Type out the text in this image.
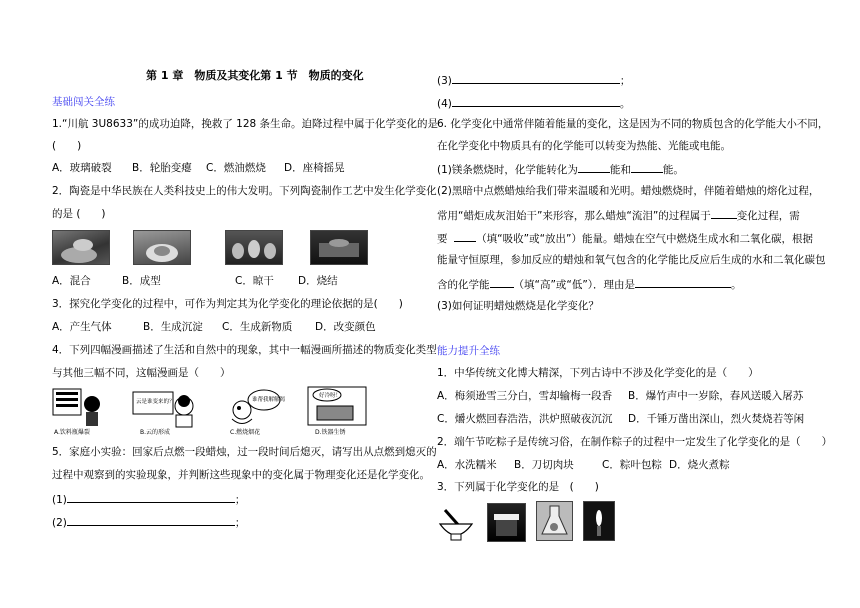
第 1 章　物质及其变化第 1 节　物质的变化
基础闯关全练
1.“川航 3U8633”的成功迫降，挽救了 128 条生命。迫降过程中属于化学变化的是
(　　)
A．玻璃破裂 B．轮胎变瘪 C．燃油燃烧 D．座椅摇晃
2．陶瓷是中华民族在人类科技史上的伟大发明。下列陶瓷制作工艺中发生化学变化
的是 (　　)
A．混合	B．成型	C．晾干 D．烧结
3．探究化学变化的过程中，可作为判定其为化学变化的理论依据的是(　　)
A．产生气体	B．生成沉淀 C．生成新物质 D．改变颜色
4．下列四幅漫画描述了生活和自然中的现象，其中一幅漫画所描述的物质变化类型
与其他三幅不同，这幅漫画是（　　）
A.饮料瓶爆裂
云是谁变来的？
B.云的形成
谁帮我解解渴
C.燃烧烟花
好冷呀！
D.铁器生锈
5．家庭小实验：回家后点燃一段蜡烛，过一段时间后熄灭，请写出从点燃到熄灭的
过程中观察到的实验现象，并判断这些现象中的变化属于物理变化还是化学变化。
(1)	；
(2)	；
(3)	；
(4)	。
6. 化学变化中通常伴随着能量的变化，这是因为不同的物质包含的化学能大小不同，
在化学变化中物质具有的化学能可以转变为热能、光能或电能。
(1)镁条燃烧时，化学能转化为	能和	能。
(2)黑暗中点燃蜡烛给我们带来温暖和光明。蜡烛燃烧时，伴随着蜡烛的熔化过程，
常用“蜡炬成灰泪始干”来形容，那么蜡烛“流泪”的过程属于 变化过程，需
要	（填“吸收”或“放出”）能量。蜡烛在空气中燃烧生成水和二氧化碳，根据
能量守恒原理，参加反应的蜡烛和氧气包含的化学能比反应后生成的水和二氧化碳包
含的化学能 （填“高”或“低”）．理由是	。
(3)如何证明蜡烛燃烧是化学变化？
能力提升全练
1．中华传统文化博大精深，下列古诗中不涉及化学变化的是（　　）
A．梅须逊雪三分白，雪却输梅一段香 B．爆竹声中一岁除，春风送暖入屠苏
C．爝火燃回春浩浩，洪炉照破夜沉沉 D．千锤万凿出深山，烈火焚烧若等闲
2．端午节吃粽子是传统习俗，在制作粽子的过程中一定发生了化学变化的是（　　）
A．水洗糯米 B．刀切肉块	C．粽叶包粽 D．烧火煮粽
3．下列属于化学变化的是　(　　)
